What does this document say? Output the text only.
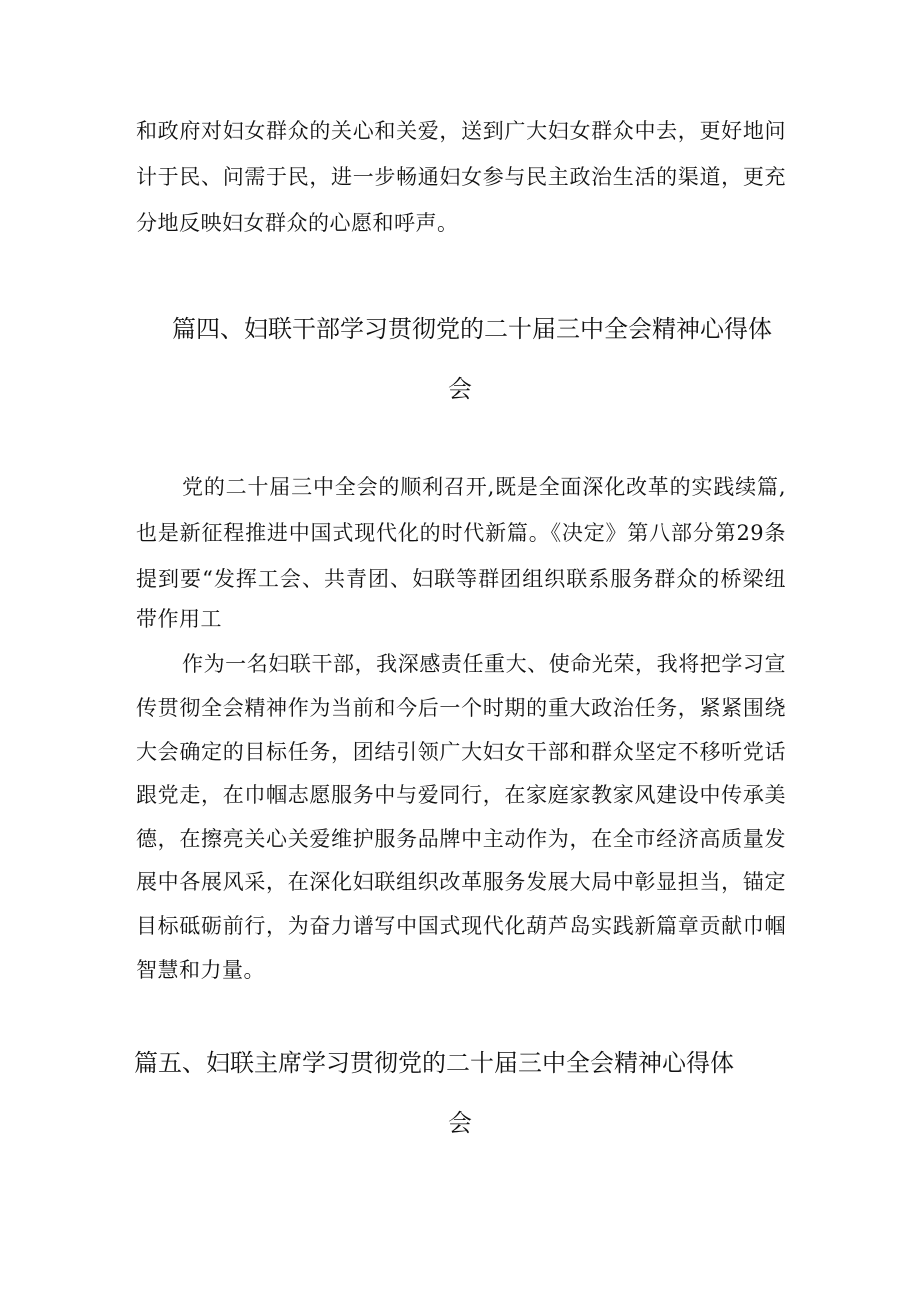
和政府对妇女群众的关心和关爱，送到广大妇女群众中去，更好地问
计于民、问需于民，进一步畅通妇女参与民主政治生活的渠道，更充
分地反映妇女群众的心愿和呼声。
篇四、妇联干部学习贯彻党的二十届三中全会精神心得体
会
党的二十届三中全会的顺利召开,既是全面深化改革的实践续篇,
也是新征程推进中国式现代化的时代新篇。《决定》第八部分第29条
提到要“发挥工会、共青团、妇联等群团组织联系服务群众的桥梁纽
带作用工
作为一名妇联干部，我深感责任重大、使命光荣，我将把学习宣
传贯彻全会精神作为当前和今后一个时期的重大政治任务，紧紧围绕
大会确定的目标任务，团结引领广大妇女干部和群众坚定不移听党话
跟党走，在巾帼志愿服务中与爱同行，在家庭家教家风建设中传承美
德，在擦亮关心关爱维护服务品牌中主动作为，在全市经济高质量发
展中各展风采，在深化妇联组织改革服务发展大局中彰显担当，锚定
目标砥砺前行，为奋力谱写中国式现代化葫芦岛实践新篇章贡献巾帼
智慧和力量。
篇五、妇联主席学习贯彻党的二十届三中全会精神心得体
会
